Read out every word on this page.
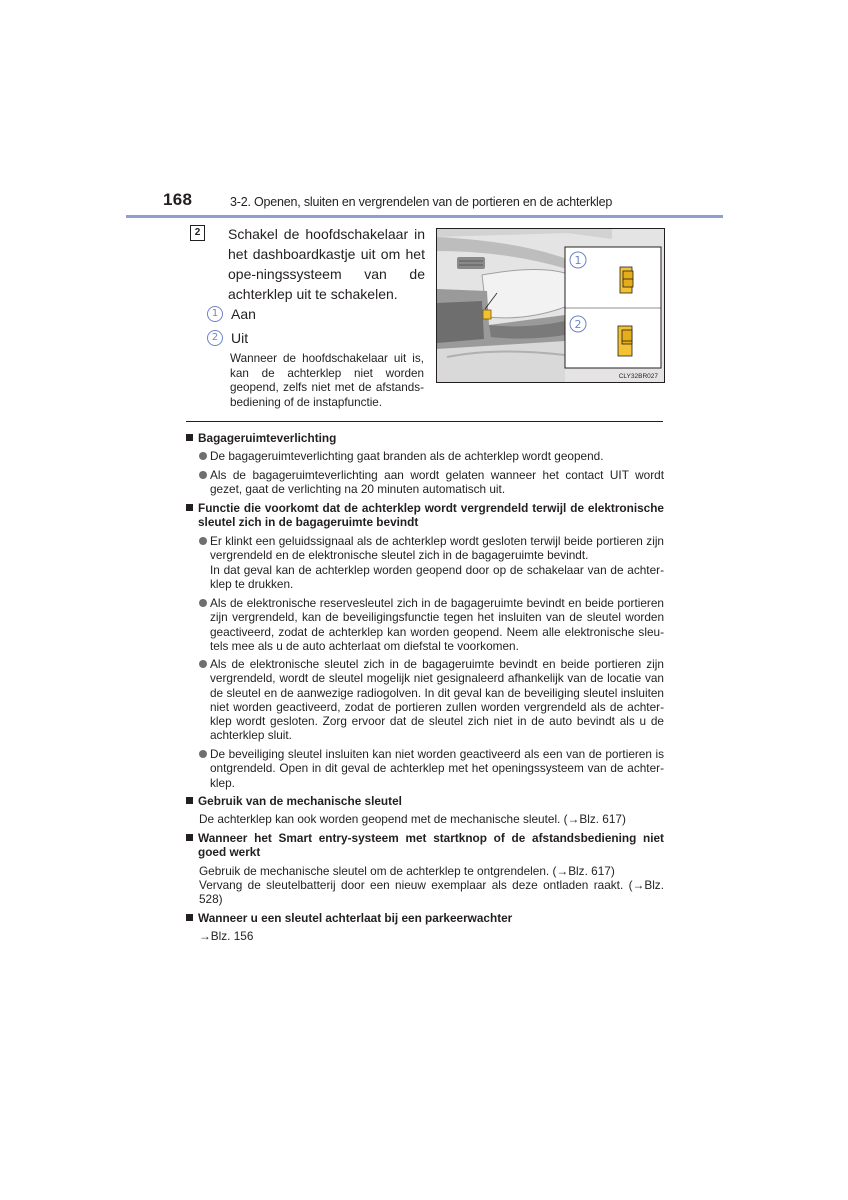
168	3-2. Openen, sluiten en vergrendelen van de portieren en de achterklep
2	Schakel de hoofdschakelaar in het dashboardkastje uit om het ope-ningssysteem van de achterklep uit te schakelen.
1 Aan
2 Uit
Wanneer de hoofdschakelaar uit is, kan de achterklep niet worden geopend, zelfs niet met de afstands-bediening of de instapfunctie.
1
2
CLY32BR027
Bagageruimteverlichting
De bagageruimteverlichting gaat branden als de achterklep wordt geopend.
Als de bagageruimteverlichting aan wordt gelaten wanneer het contact UIT wordt gezet, gaat de verlichting na 20 minuten automatisch uit.
Functie die voorkomt dat de achterklep wordt vergrendeld terwijl de elektronische sleutel zich in de bagageruimte bevindt
Er klinkt een geluidssignaal als de achterklep wordt gesloten terwijl beide portieren zijn vergrendeld en de elektronische sleutel zich in de bagageruimte bevindt.
In dat geval kan de achterklep worden geopend door op de schakelaar van de achter-klep te drukken.
Als de elektronische reservesleutel zich in de bagageruimte bevindt en beide portieren zijn vergrendeld, kan de beveiligingsfunctie tegen het insluiten van de sleutel worden geactiveerd, zodat de achterklep kan worden geopend. Neem alle elektronische sleu-tels mee als u de auto achterlaat om diefstal te voorkomen.
Als de elektronische sleutel zich in de bagageruimte bevindt en beide portieren zijn vergrendeld, wordt de sleutel mogelijk niet gesignaleerd afhankelijk van de locatie van de sleutel en de aanwezige radiogolven. In dit geval kan de beveiliging sleutel insluiten niet worden geactiveerd, zodat de portieren zullen worden vergrendeld als de achter-klep wordt gesloten. Zorg ervoor dat de sleutel zich niet in de auto bevindt als u de achterklep sluit.
De beveiliging sleutel insluiten kan niet worden geactiveerd als een van de portieren is ontgrendeld. Open in dit geval de achterklep met het openingssysteem van de achter-klep.
Gebruik van de mechanische sleutel
De achterklep kan ook worden geopend met de mechanische sleutel. (→Blz. 617)
Wanneer het Smart entry-systeem met startknop of de afstandsbediening niet goed werkt
Gebruik de mechanische sleutel om de achterklep te ontgrendelen. (→Blz. 617)
Vervang de sleutelbatterij door een nieuw exemplaar als deze ontladen raakt. (→Blz. 528)
Wanneer u een sleutel achterlaat bij een parkeerwachter
→Blz. 156
